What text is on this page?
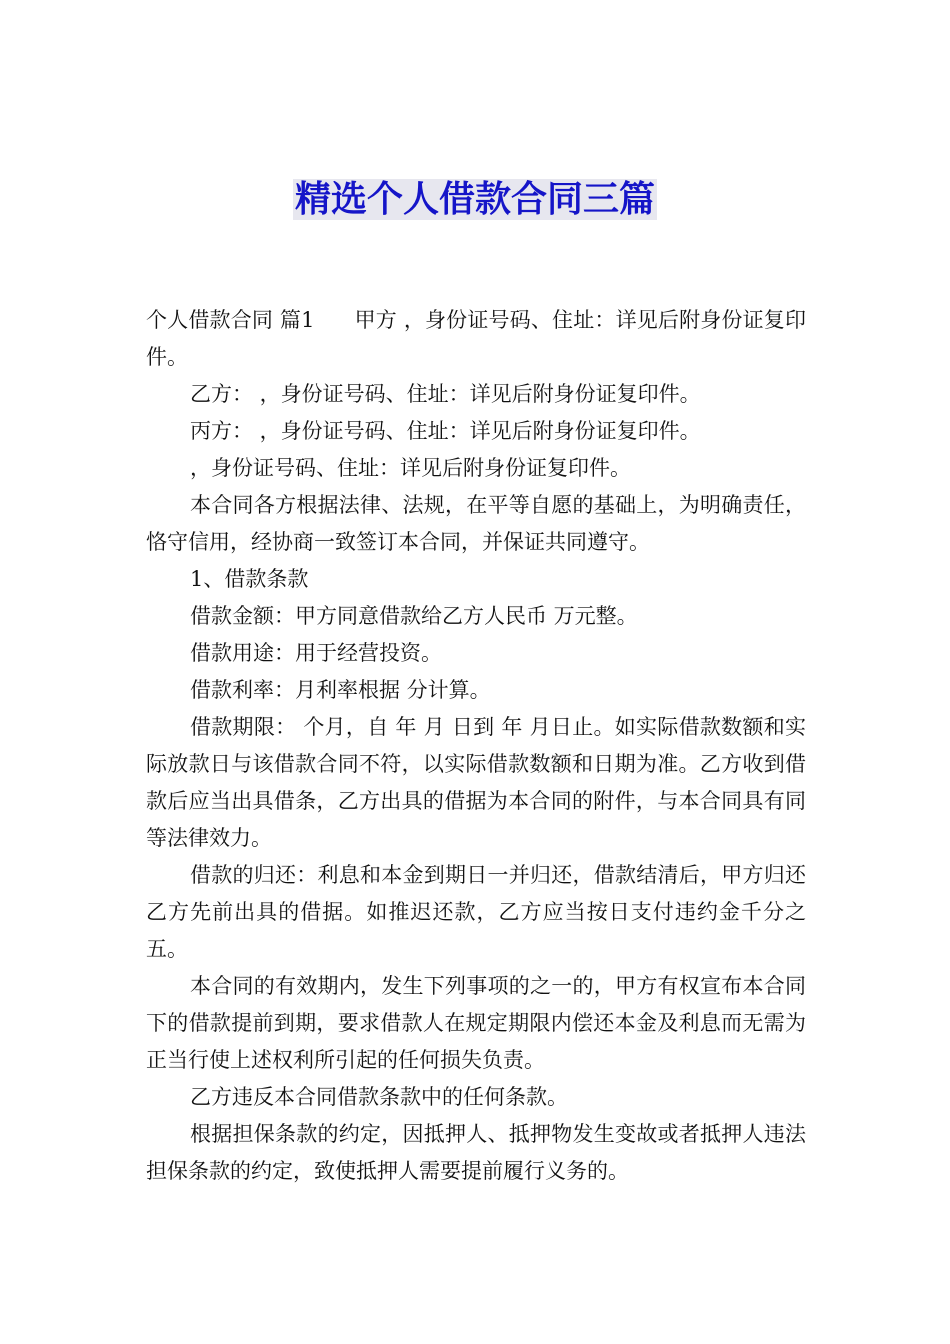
精选个人借款合同三篇

个人借款合同 篇1 甲方 ，身份证号码、住址：详见后附身份证复印件。

乙方： ，身份证号码、住址：详见后附身份证复印件。

丙方： ，身份证号码、住址：详见后附身份证复印件。

，身份证号码、住址：详见后附身份证复印件。

本合同各方根据法律、法规，在平等自愿的基础上，为明确责任，恪守信用，经协商一致签订本合同，并保证共同遵守。

1、借款条款

借款金额：甲方同意借款给乙方人民币 万元整。

借款用途：用于经营投资。

借款利率：月利率根据 分计算。

借款期限： 个月，自 年 月 日到 年 月日止。如实际借款数额和实际放款日与该借款合同不符，以实际借款数额和日期为准。乙方收到借款后应当出具借条，乙方出具的借据为本合同的附件，与本合同具有同等法律效力。

借款的归还：利息和本金到期日一并归还，借款结清后，甲方归还乙方先前出具的借据。如推迟还款，乙方应当按日支付违约金千分之五。

本合同的有效期内，发生下列事项的之一的，甲方有权宣布本合同下的借款提前到期，要求借款人在规定期限内偿还本金及利息而无需为正当行使上述权利所引起的任何损失负责。

乙方违反本合同借款条款中的任何条款。

根据担保条款的约定，因抵押人、抵押物发生变故或者抵押人违法担保条款的约定，致使抵押人需要提前履行义务的。
